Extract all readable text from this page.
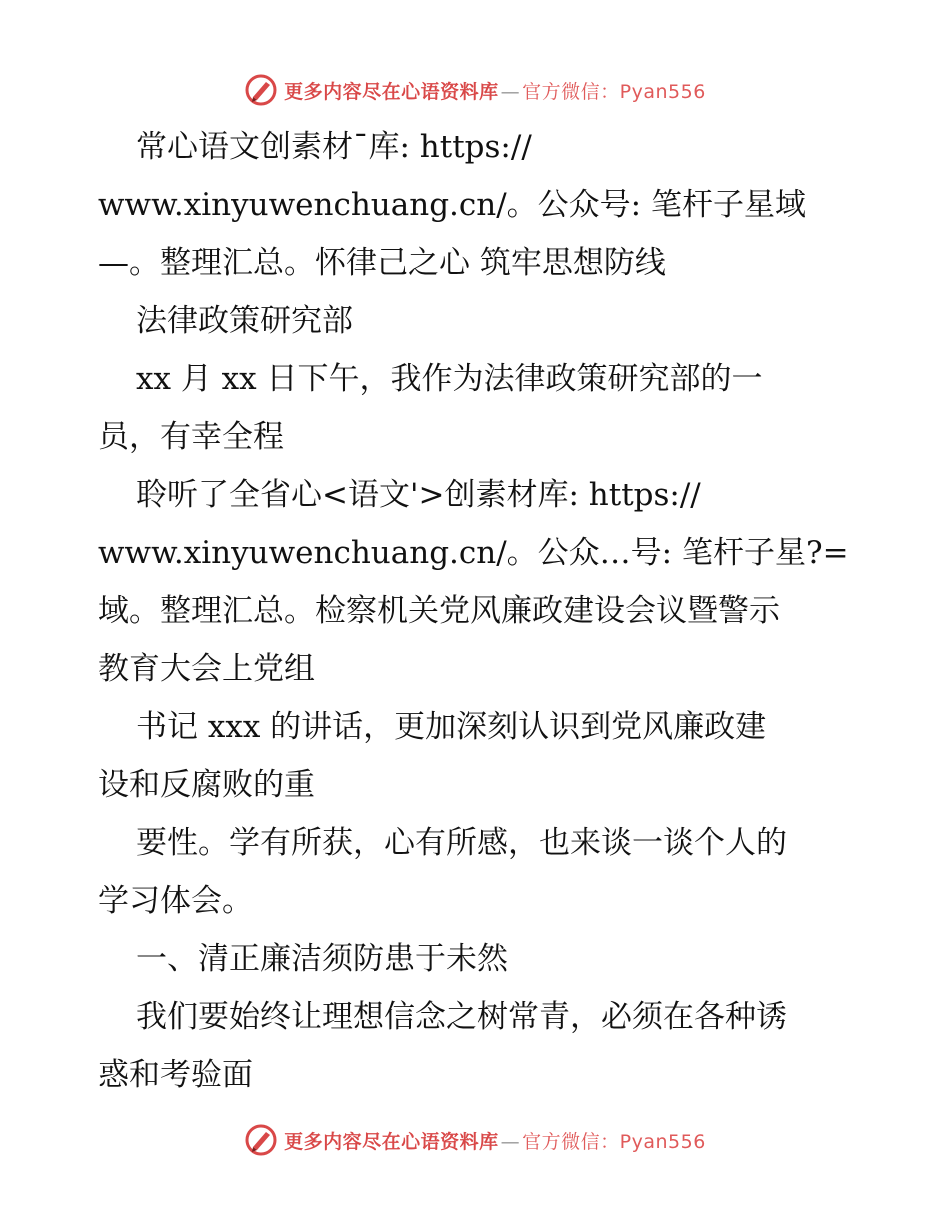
更多内容尽在心语资料库 — 官方微信：Pyan556
常心语文创素材¯库: https://
www.xinyuwenchuang.cn/。公众号: 笔杆子星域
—。整理汇总。怀律己之心 筑牢思想防线
法律政策研究部
xx 月 xx 日下午，我作为法律政策研究部的一
员，有幸全程
聆听了全省心<语文'>创素材库: https://
www.xinyuwenchuang.cn/。公众…号: 笔杆子星?=
域。整理汇总。检察机关党风廉政建设会议暨警示
教育大会上党组
书记 xxx 的讲话，更加深刻认识到党风廉政建
设和反腐败的重
要性。学有所获，心有所感，也来谈一谈个人的
学习体会。
一、清正廉洁须防患于未然
我们要始终让理想信念之树常青，必须在各种诱
惑和考验面
更多内容尽在心语资料库 — 官方微信：Pyan556
